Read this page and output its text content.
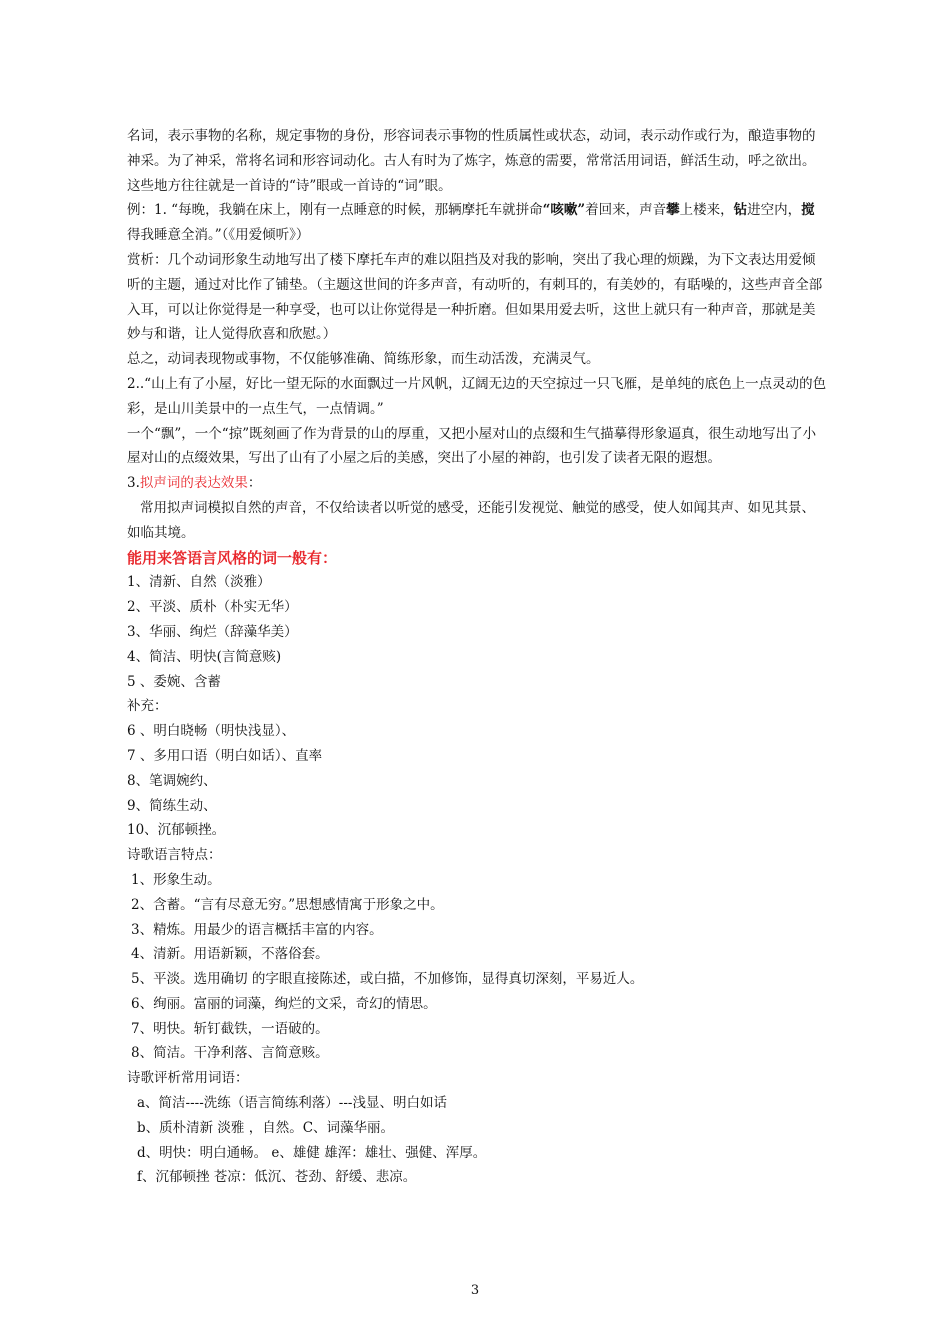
名词，表示事物的名称，规定事物的身份，形容词表示事物的性质属性或状态，动词，表示动作或行为，酿造事物的神采。为了神采，常将名词和形容词动化。古人有时为了炼字，炼意的需要，常常活用词语，鲜活生动，呼之欲出。这些地方往往就是一首诗的“诗”眼或一首诗的“词”眼。

例：1. “每晚，我躺在床上，刚有一点睡意的时候，那辆摩托车就拼命“咳嗽”着回来，声音攀上楼来，钻进空内，搅得我睡意全消。”（《用爱倾听》）

赏析：几个动词形象生动地写出了楼下摩托车声的难以阻挡及对我的影响，突出了我心理的烦躁，为下文表达用爱倾听的主题，通过对比作了铺垫。（主题这世间的许多声音，有动听的，有刺耳的，有美妙的，有聒噪的，这些声音全部入耳，可以让你觉得是一种享受，也可以让你觉得是一种折磨。但如果用爱去听，这世上就只有一种声音，那就是美妙与和谐，让人觉得欣喜和欣慰。）

总之，动词表现物或事物，不仅能够准确、简练形象，而生动活泼，充满灵气。

2..“山上有了小屋，好比一望无际的水面飘过一片风帆，辽阔无边的天空掠过一只飞雁，是单纯的底色上一点灵动的色彩，是山川美景中的一点生气，一点情调。”

一个“飘”，一个“掠”既刻画了作为背景的山的厚重，又把小屋对山的点缀和生气描摹得形象逼真，很生动地写出了小屋对山的点缀效果，写出了山有了小屋之后的美感，突出了小屋的神韵，也引发了读者无限的遐想。

3.拟声词的表达效果：

常用拟声词模拟自然的声音，不仅给读者以听觉的感受，还能引发视觉、触觉的感受，使人如闻其声、如见其景、如临其境。

能用来答语言风格的词一般有：

1、清新、自然（淡雅）

2、平淡、质朴（朴实无华）

3、华丽、绚烂（辞藻华美）

4、简洁、明快(言简意赅)

5 、委婉、含蓄

补充：

6 、明白晓畅（明快浅显）、

7 、多用口语（明白如话）、直率

8、笔调婉约、

9、简练生动、

10、沉郁顿挫。

诗歌语言特点：

1、形象生动。

2、含蓄。“言有尽意无穷。”思想感情寓于形象之中。

3、精炼。用最少的语言概括丰富的内容。

4、清新。用语新颖，不落俗套。

5、平淡。选用确切 的字眼直接陈述，或白描，不加修饰，显得真切深刻，平易近人。

6、绚丽。富丽的词藻，绚烂的文采，奇幻的情思。

7、明快。斩钉截铁，一语破的。

8、简洁。干净利落、言简意赅。

诗歌评析常用词语：

a、简洁----洗练（语言简练利落）---浅显、明白如话

b、质朴清新 淡雅 ，自然。C、词藻华丽。

d、明快：明白通畅。 e、雄健 雄浑：雄壮、强健、浑厚。

f、沉郁顿挫 苍凉：低沉、苍劲、舒缓、悲凉。

3
